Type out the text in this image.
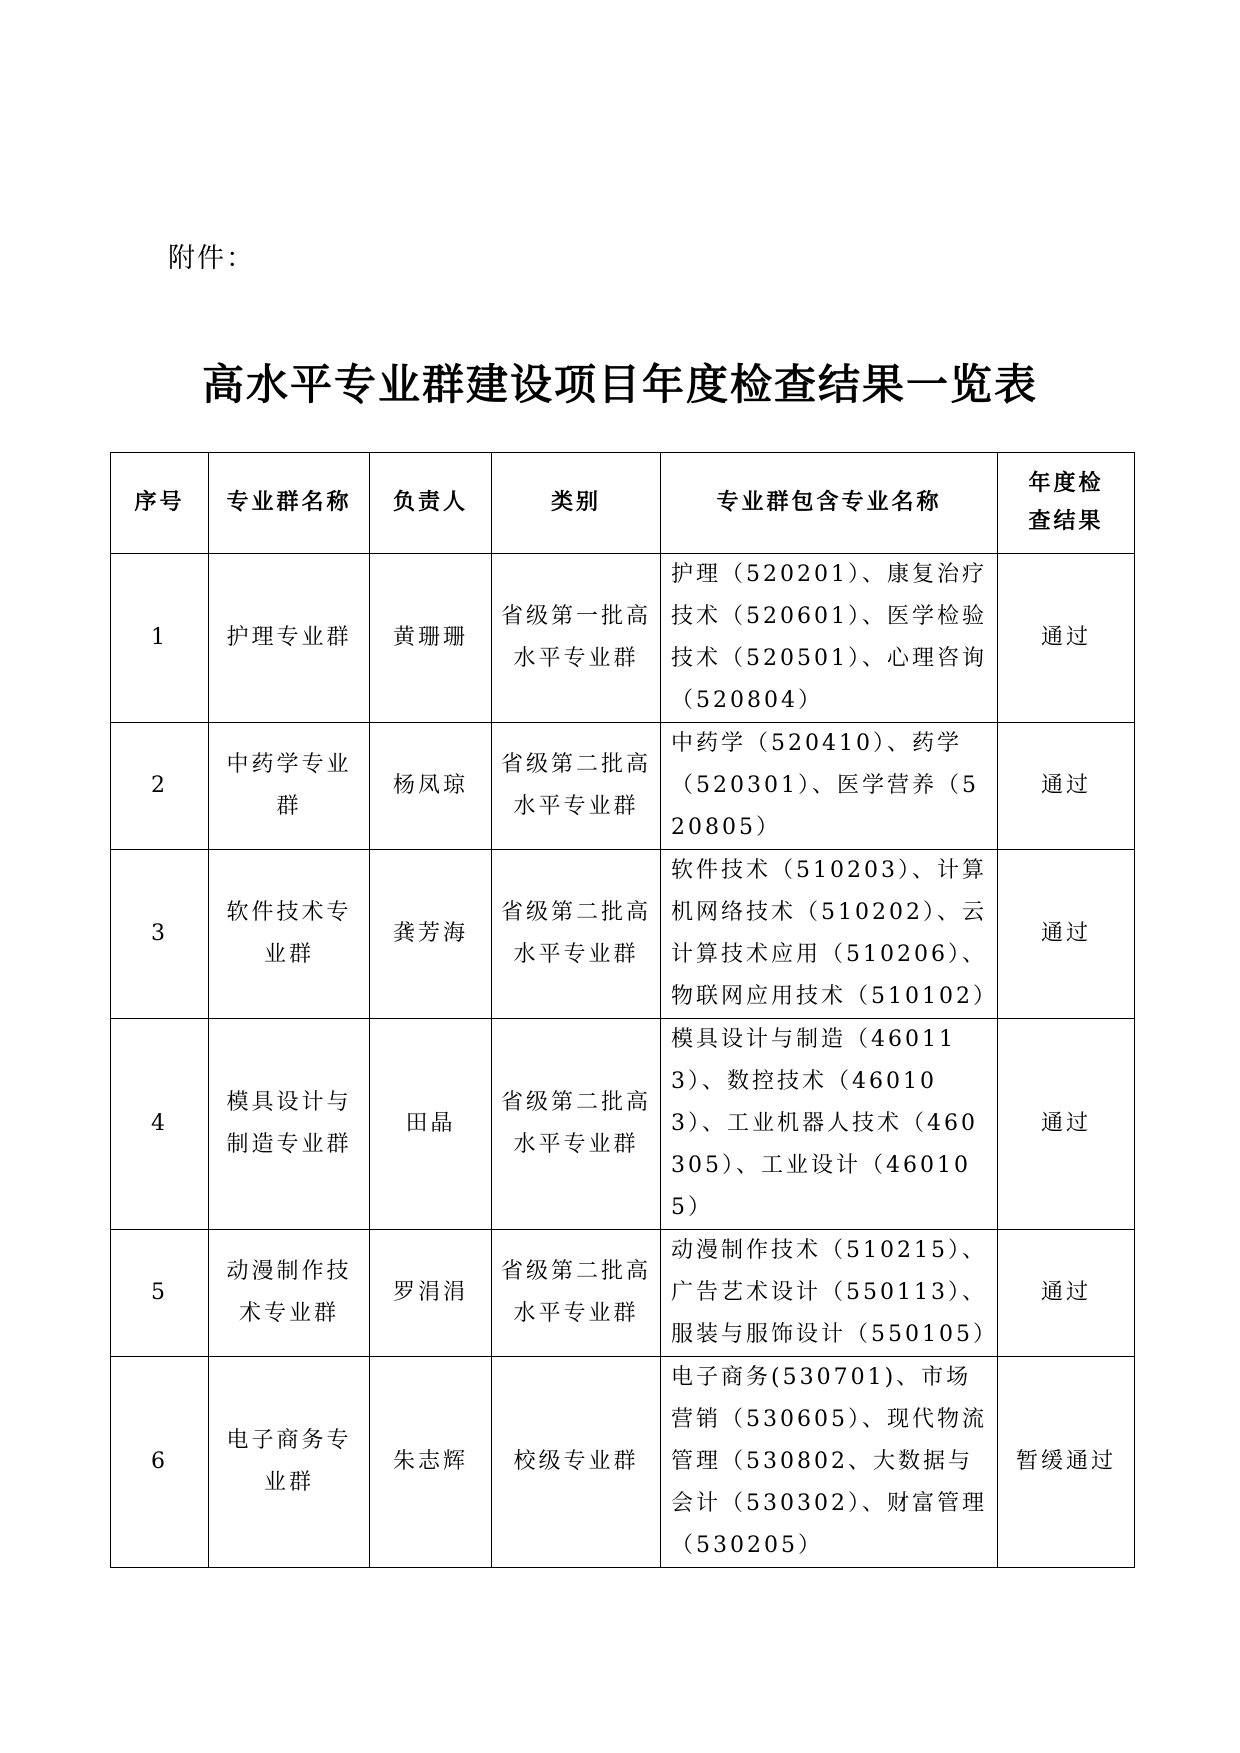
附件：
高水平专业群建设项目年度检查结果一览表
序号	专业群名称	负责人	类别	专业群包含专业名称	年度检查结果
1	护理专业群	黄珊珊	省级第一批高水平专业群	护理（520201）、康复治疗技术（520601）、医学检验技术（520501）、心理咨询（520804）	通过
2	中药学专业群	杨凤琼	省级第二批高水平专业群	中药学（520410）、药学（520301）、医学营养（520805）	通过
3	软件技术专业群	龚芳海	省级第二批高水平专业群	软件技术（510203）、计算机网络技术（510202）、云计算技术应用（510206）、物联网应用技术（510102）	通过
4	模具设计与制造专业群	田晶	省级第二批高水平专业群	模具设计与制造（460113）、数控技术（460103）、工业机器人技术（460305）、工业设计（460105）	通过
5	动漫制作技术专业群	罗涓涓	省级第二批高水平专业群	动漫制作技术（510215）、广告艺术设计（550113）、服装与服饰设计（550105）	通过
6	电子商务专业群	朱志辉	校级专业群	电子商务(530701)、市场营销（530605）、现代物流管理（530802、大数据与会计（530302）、财富管理（530205）	暂缓通过
